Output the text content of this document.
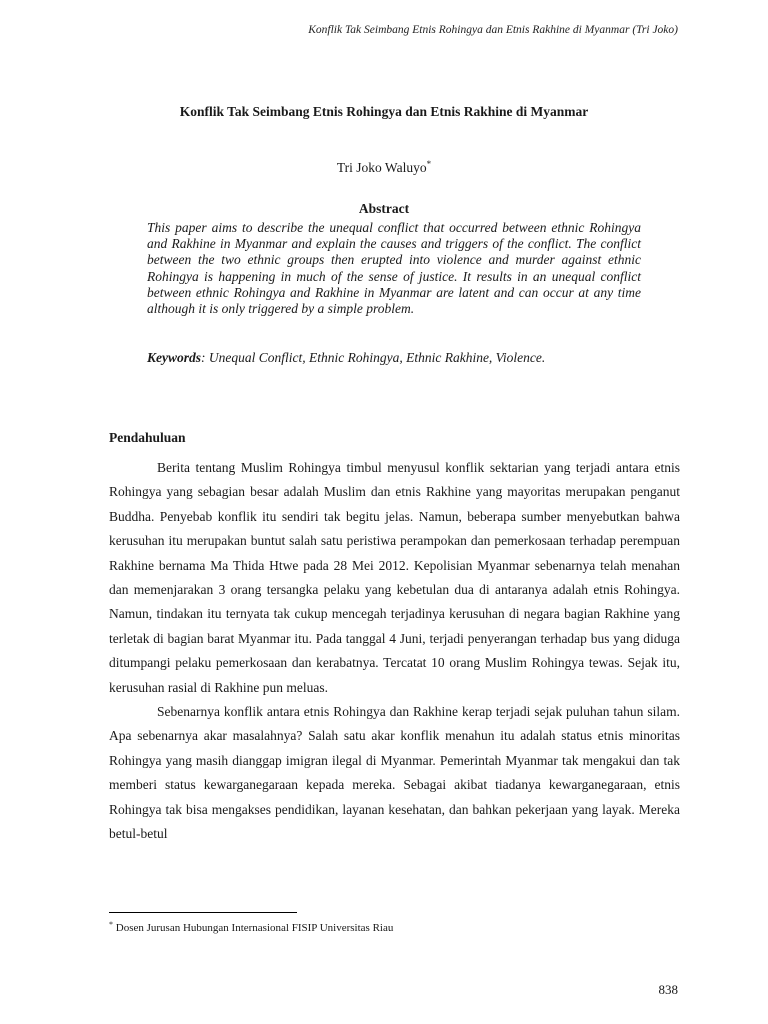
Konflik Tak Seimbang Etnis Rohingya dan Etnis Rakhine di Myanmar (Tri Joko)
Konflik Tak Seimbang Etnis Rohingya dan Etnis Rakhine di Myanmar
Tri Joko Waluyo*
Abstract

This paper aims to describe the unequal conflict that occurred between ethnic Rohingya and Rakhine in Myanmar and explain the causes and triggers of the conflict. The conflict between the two ethnic groups then erupted into violence and murder against ethnic Rohingya is happening in much of the sense of justice. It results in an unequal conflict between ethnic Rohingya and Rakhine in Myanmar are latent and can occur at any time although it is only triggered by a simple problem.

Keywords: Unequal Conflict, Ethnic Rohingya, Ethnic Rakhine, Violence.

Pendahuluan

Berita tentang Muslim Rohingya timbul menyusul konflik sektarian yang terjadi antara etnis Rohingya yang sebagian besar adalah Muslim dan etnis Rakhine yang mayoritas merupakan penganut Buddha. Penyebab konflik itu sendiri tak begitu jelas. Namun, beberapa sumber menyebutkan bahwa kerusuhan itu merupakan buntut salah satu peristiwa perampokan dan pemerkosaan terhadap perempuan Rakhine bernama Ma Thida Htwe pada 28 Mei 2012. Kepolisian Myanmar sebenarnya telah menahan dan memenjarakan 3 orang tersangka pelaku yang kebetulan dua di antaranya adalah etnis Rohingya. Namun, tindakan itu ternyata tak cukup mencegah terjadinya kerusuhan di negara bagian Rakhine yang terletak di bagian barat Myanmar itu. Pada tanggal 4 Juni, terjadi penyerangan terhadap bus yang diduga ditumpangi pelaku pemerkosaan dan kerabatnya. Tercatat 10 orang Muslim Rohingya tewas. Sejak itu, kerusuhan rasial di Rakhine pun meluas.

Sebenarnya konflik antara etnis Rohingya dan Rakhine kerap terjadi sejak puluhan tahun silam. Apa sebenarnya akar masalahnya? Salah satu akar konflik menahun itu adalah status etnis minoritas Rohingya yang masih dianggap imigran ilegal di Myanmar. Pemerintah Myanmar tak mengakui dan tak memberi status kewarganegaraan kepada mereka. Sebagai akibat tiadanya kewarganegaraan, etnis Rohingya tak bisa mengakses pendidikan, layanan kesehatan, dan bahkan pekerjaan yang layak. Mereka betul-betul

* Dosen Jurusan Hubungan Internasional FISIP Universitas Riau
838
